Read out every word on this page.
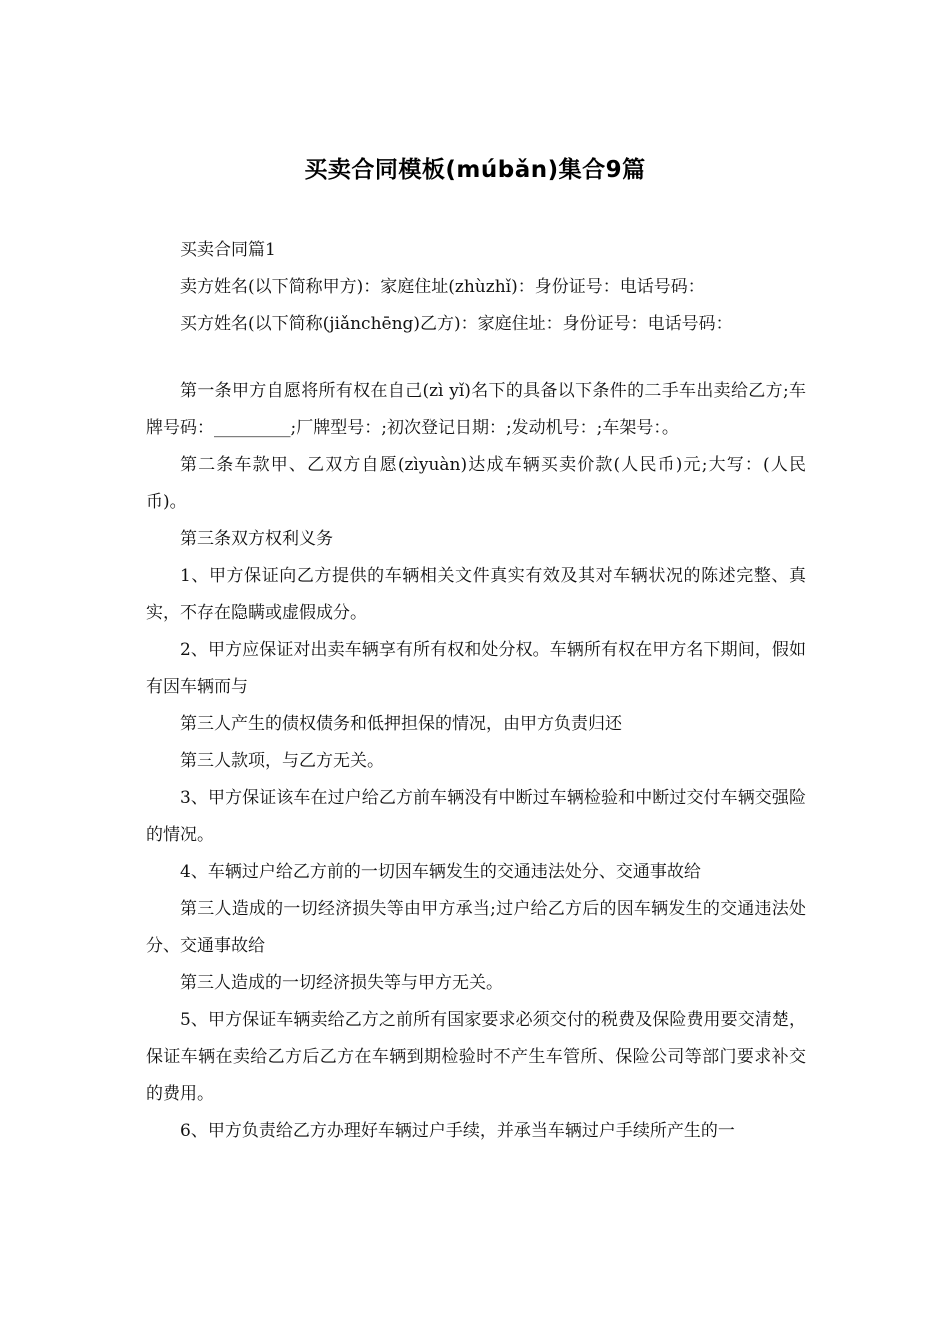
买卖合同模板(múbǎn)集合9篇

买卖合同篇1

卖方姓名(以下简称甲方)：家庭住址(zhùzhǐ)：身份证号：电话号码：

买方姓名(以下简称(jiǎnchēng)乙方)：家庭住址：身份证号：电话号码：

第一条甲方自愿将所有权在自己(zì yǐ)名下的具备以下条件的二手车出卖给乙方;车牌号码：_________;厂牌型号：;初次登记日期：;发动机号：;车架号：。

第二条车款甲、乙双方自愿(zìyuàn)达成车辆买卖价款(人民币)元;大写：(人民币)。

第三条双方权利义务

1、甲方保证向乙方提供的车辆相关文件真实有效及其对车辆状况的陈述完整、真实，不存在隐瞒或虚假成分。

2、甲方应保证对出卖车辆享有所有权和处分权。车辆所有权在甲方名下期间，假如有因车辆而与

第三人产生的债权债务和低押担保的情况，由甲方负责归还

第三人款项，与乙方无关。

3、甲方保证该车在过户给乙方前车辆没有中断过车辆检验和中断过交付车辆交强险的情况。

4、车辆过户给乙方前的一切因车辆发生的交通违法处分、交通事故给

第三人造成的一切经济损失等由甲方承当;过户给乙方后的因车辆发生的交通违法处分、交通事故给

第三人造成的一切经济损失等与甲方无关。

5、甲方保证车辆卖给乙方之前所有国家要求必须交付的税费及保险费用要交清楚，保证车辆在卖给乙方后乙方在车辆到期检验时不产生车管所、保险公司等部门要求补交的费用。

6、甲方负责给乙方办理好车辆过户手续，并承当车辆过户手续所产生的一
